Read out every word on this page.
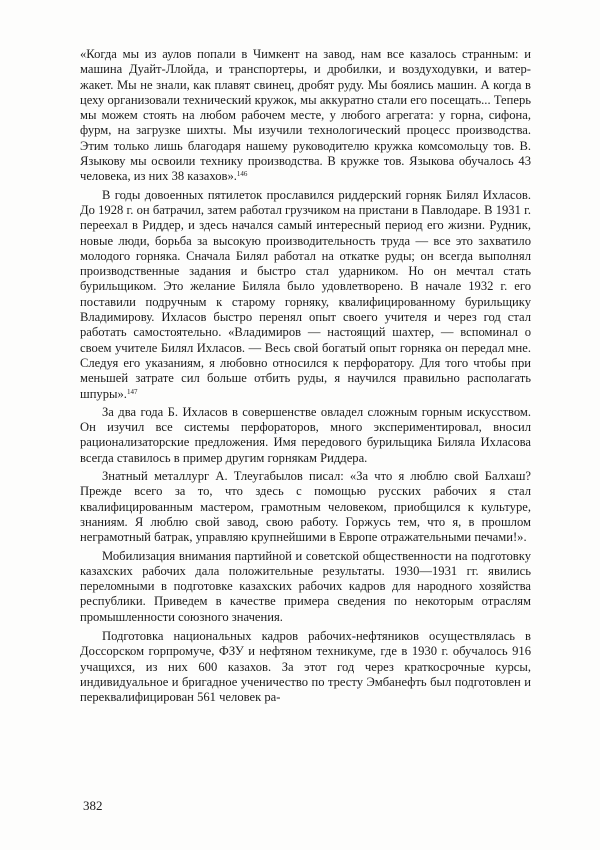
«Когда мы из аулов попали в Чимкент на завод, нам все казалось странным: и машина Дуайт-Ллойда, и транспортеры, и дробилки, и воздуходувки, и ватер-жакет. Мы не знали, как плавят свинец, дробят руду. Мы боялись машин. А когда в цеху организовали технический кружок, мы аккуратно стали его посещать... Теперь мы можем стоять на любом рабочем месте, у любого агрегата: у горна, сифона, фурм, на загрузке шихты. Мы изучили технологический процесс производства. Этим только лишь благодаря нашему руководителю кружка комсомольцу тов. В. Языкову мы освоили технику производства. В кружке тов. Языкова обучалось 43 человека, из них 38 казахов».$^{146}$

В годы довоенных пятилеток прославился риддерский горняк Билял Ихласов. До 1928 г. он батрачил, затем работал грузчиком на пристани в Павлодаре. В 1931 г. переехал в Риддер, и здесь начался самый интересный период его жизни. Рудник, новые люди, борьба за высокую производительность труда — все это захватило молодого горняка. Сначала Билял работал на откатке руды; он всегда выполнял производственные задания и быстро стал ударником. Но он мечтал стать бурильщиком. Это желание Биляла было удовлетворено. В начале 1932 г. его поставили подручным к старому горняку, квалифицированному бурильщику Владимирову. Ихласов быстро перенял опыт своего учителя и через год стал работать самостоятельно. «Владимиров — настоящий шахтер, — вспоминал о своем учителе Билял Ихласов. — Весь свой богатый опыт горняка он передал мне. Следуя его указаниям, я любовно относился к перфоратору. Для того чтобы при меньшей затрате сил больше отбить руды, я научился правильно располагать шпуры».$^{147}$

За два года Б. Ихласов в совершенстве овладел сложным горным искусством. Он изучил все системы перфораторов, много экспериментировал, вносил рационализаторские предложения. Имя передового бурильщика Биляла Ихласова всегда ставилось в пример другим горнякам Риддера.

Знатный металлург А. Тлеугабылов писал: «За что я люблю свой Балхаш? Прежде всего за то, что здесь с помощью русских рабочих я стал квалифицированным мастером, грамотным человеком, приобщился к культуре, знаниям. Я люблю свой завод, свою работу. Горжусь тем, что я, в прошлом неграмотный батрак, управляю крупнейшими в Европе отражательными печами!».

Мобилизация внимания партийной и советской общественности на подготовку казахских рабочих дала положительные результаты. 1930—1931 гг. явились переломными в подготовке казахских рабочих кадров для народного хозяйства республики. Приведем в качестве примера сведения по некоторым отраслям промышленности союзного значения.

Подготовка национальных кадров рабочих-нефтяников осуществлялась в Доссорском горпромуче, ФЗУ и нефтяном техникуме, где в 1930 г. обучалось 916 учащихся, из них 600 казахов. За этот год через краткосрочные курсы, индивидуальное и бригадное ученичество по тресту Эмбанефть был подготовлен и переквалифицирован 561 человек ра-

382
